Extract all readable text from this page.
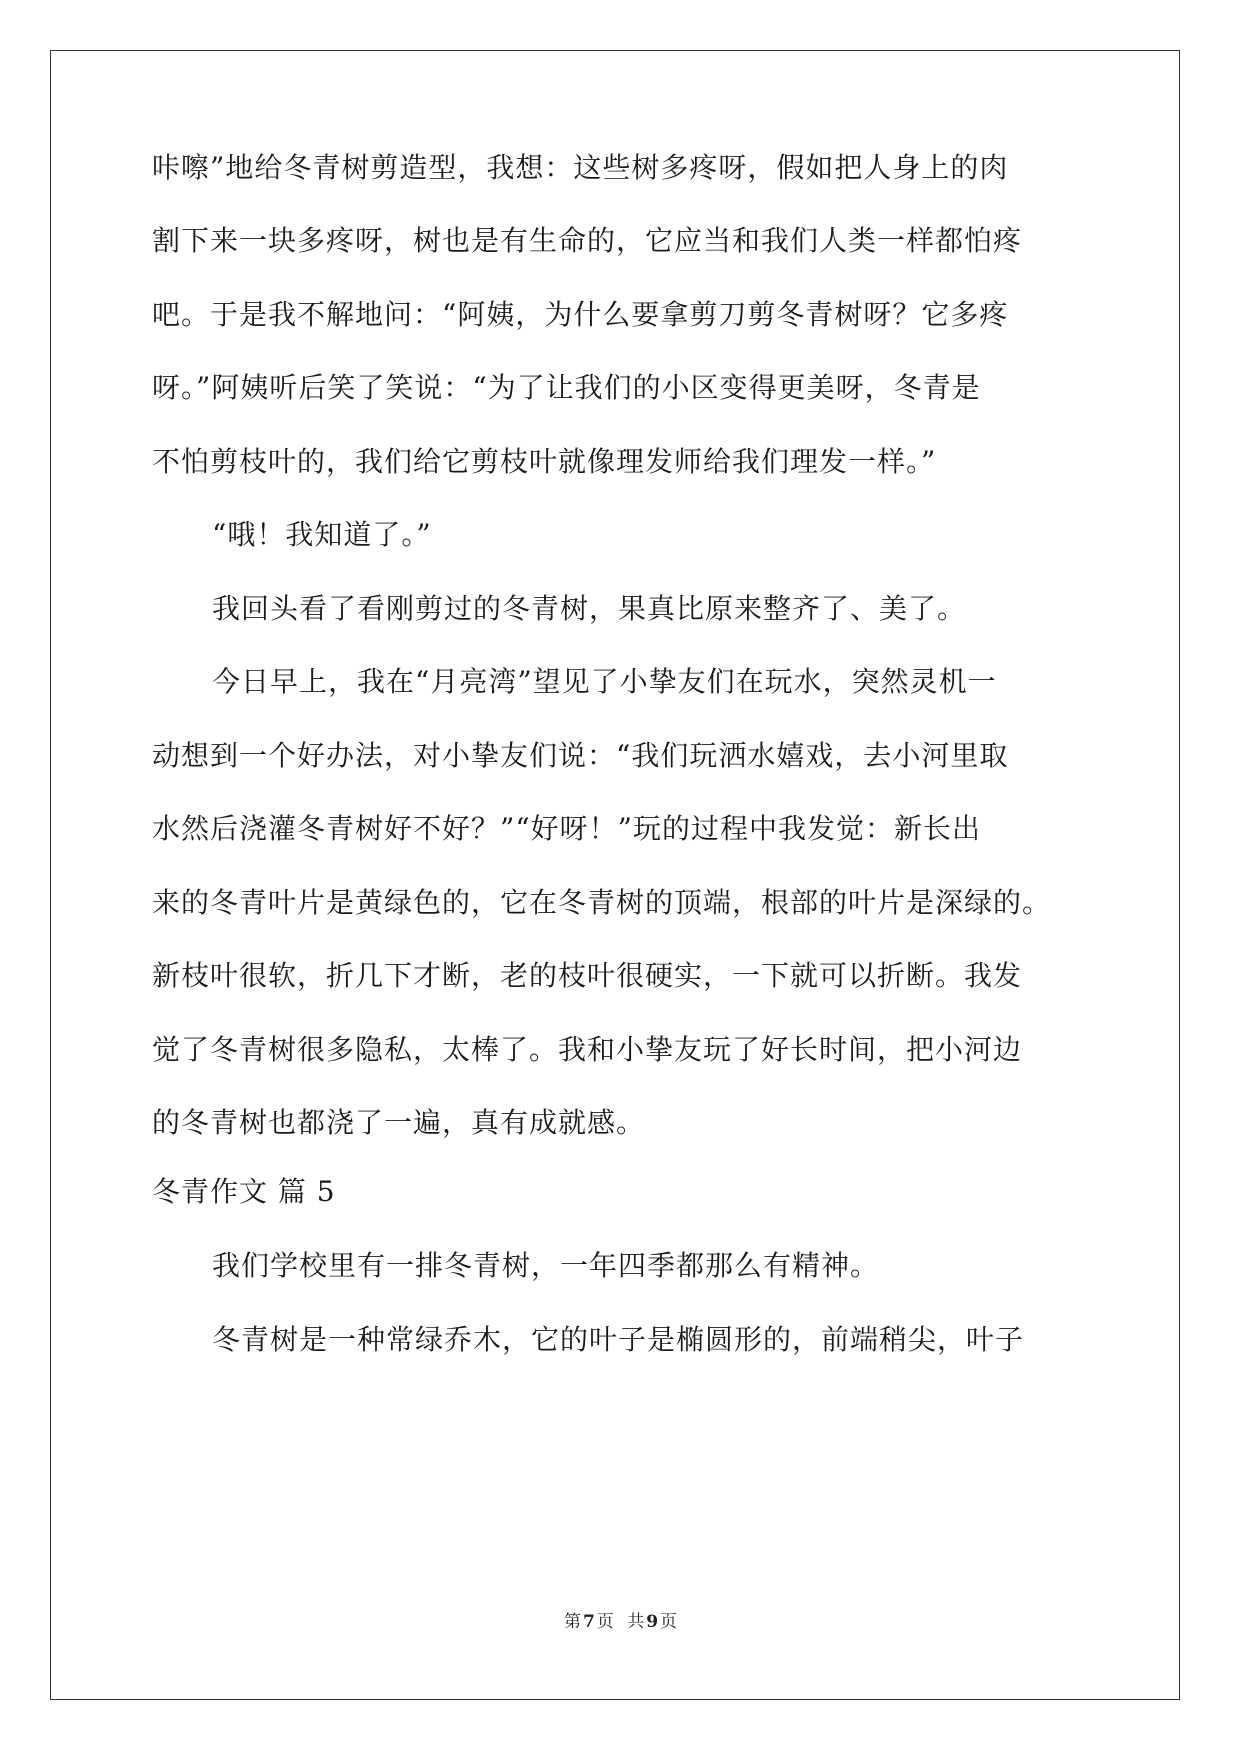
咔嚓”地给冬青树剪造型，我想：这些树多疼呀，假如把人身上的肉
割下来一块多疼呀，树也是有生命的，它应当和我们人类一样都怕疼
吧。于是我不解地问：“阿姨，为什么要拿剪刀剪冬青树呀？它多疼
呀。”阿姨听后笑了笑说：“为了让我们的小区变得更美呀，冬青是
不怕剪枝叶的，我们给它剪枝叶就像理发师给我们理发一样。”
“哦！我知道了。”
我回头看了看刚剪过的冬青树，果真比原来整齐了、美了。
今日早上，我在“月亮湾”望见了小挚友们在玩水，突然灵机一
动想到一个好办法，对小挚友们说：“我们玩洒水嬉戏，去小河里取
水然后浇灌冬青树好不好？”“好呀！”玩的过程中我发觉：新长出
来的冬青叶片是黄绿色的，它在冬青树的顶端，根部的叶片是深绿的。
新枝叶很软，折几下才断，老的枝叶很硬实，一下就可以折断。我发
觉了冬青树很多隐私，太棒了。我和小挚友玩了好长时间，把小河边
的冬青树也都浇了一遍，真有成就感。
冬青作文 篇 5
我们学校里有一排冬青树，一年四季都那么有精神。
冬青树是一种常绿乔木，它的叶子是椭圆形的，前端稍尖，叶子
第 7 页 共 9 页
